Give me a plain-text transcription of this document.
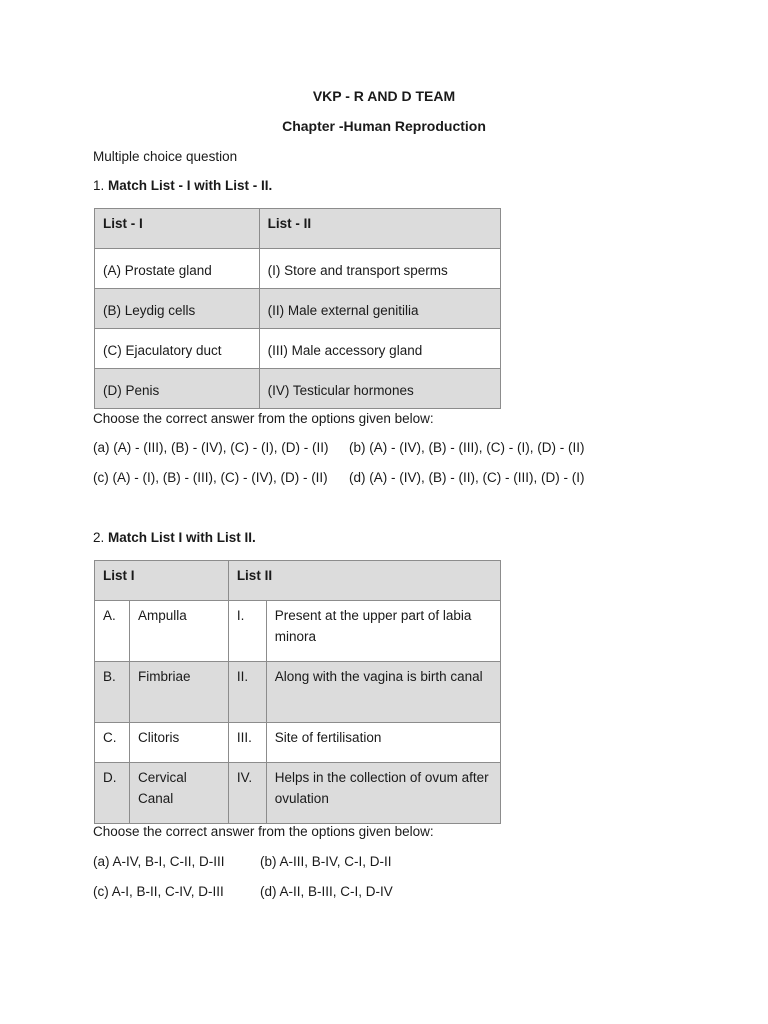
VKP - R AND D TEAM
Chapter -Human Reproduction
Multiple choice question
1. Match List - I with List - II.
List - I	List - II
(A) Prostate gland	(I) Store and transport sperms
(B) Leydig cells	(II) Male external genitilia
(C) Ejaculatory duct	(III) Male accessory gland
(D) Penis	(IV) Testicular hormones
Choose the correct answer from the options given below:
(a) (A) - (III), (B) - (IV), (C) - (I), (D) - (II) (b) (A) - (IV), (B) - (III), (C) - (I), (D) - (II)
(c) (A) - (I), (B) - (III), (C) - (IV), (D) - (II) (d) (A) - (IV), (B) - (II), (C) - (III), (D) - (I)
2. Match List I with List II.
List I		List II	
A.	Ampulla	I.	Present at the upper part of labia minora
B.	Fimbriae	II.	Along with the vagina is birth canal
C.	Clitoris	III.	Site of fertilisation
D.	Cervical Canal	IV.	Helps in the collection of ovum after ovulation
Choose the correct answer from the options given below:
(a) A-IV, B-I, C-II, D-III	(b) A-III, B-IV, C-I, D-II
(c) A-I, B-II, C-IV, D-III	(d) A-II, B-III, C-I, D-IV
